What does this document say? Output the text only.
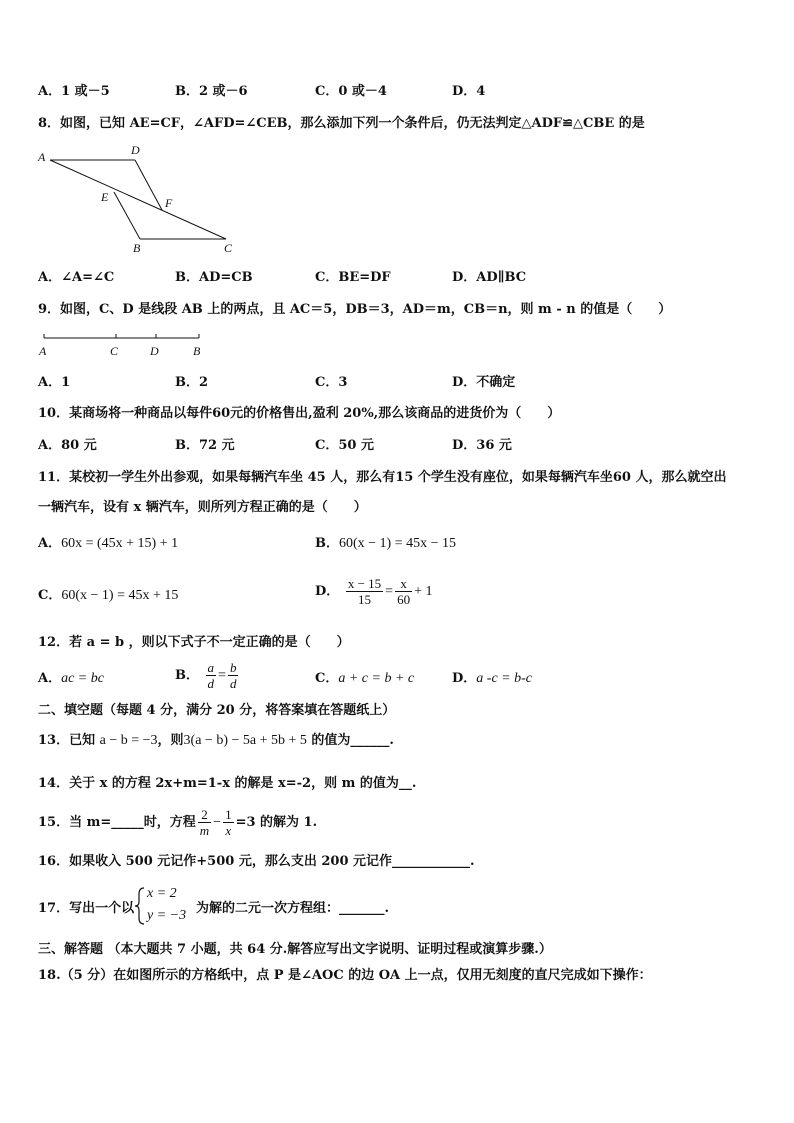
A．1 或－5	B．2 或－6	C．0 或－4	D．4
8．如图，已知 AE=CF，∠AFD=∠CEB，那么添加下列一个条件后，仍无法判定△ADF≌△CBE 的是
A	D
E	F
B	C
A．∠A=∠C	B．AD=CB	C．BE=DF	D．AD∥BC
9．如图，C、D 是线段 AB 上的两点，且 AC＝5，DB＝3，AD＝m，CB＝n，则 m - n 的值是（　　）
A	C	D	B
A．1	B．2	C．3	D．不确定
10．某商场将一种商品以每件60元的价格售出,盈利 20%,那么该商品的进货价为（　　）
A．80 元	B．72 元	C．50 元	D．36 元
11．某校初一学生外出参观，如果每辆汽车坐 45 人，那么有15 个学生没有座位，如果每辆汽车坐60 人，那么就空出
一辆汽车，设有 x 辆汽车，则所列方程正确的是（　　）
A．60x = (45x + 15) + 1	B．60(x − 1) = 45x − 15
C．60(x − 1) = 45x + 15	D． $\frac{x - 15}{15} = \frac{x}{60} + 1$
12．若 a = b ，则以下式子不一定正确的是（　　）
A．ac = bc	B． $\frac{a}{d} = \frac{b}{d}$	C．a + c = b + c	D．a -c = b-c
二、填空题（每题 4 分，满分 20 分，将答案填在答题纸上）
13．已知 a − b = −3，则3(a − b) − 5a + 5b + 5 的值为______.
14．关于 x 的方程 2x+m=1-x 的解是 x=-2，则 m 的值为__.
15．当 m=_____时，方程 $\frac{2}{m} - \frac{1}{x} =3$ 的解为 1.
16．如果收入 500 元记作+500 元，那么支出 200 元记作____________.
17．写出一个以
x = 2
y = −3 为解的二元一次方程组：_______.
三、解答题 （本大题共 7 小题，共 64 分.解答应写出文字说明、证明过程或演算步骤.）
18.（5 分）在如图所示的方格纸中，点 P 是∠AOC 的边 OA 上一点，仅用无刻度的直尺完成如下操作：
